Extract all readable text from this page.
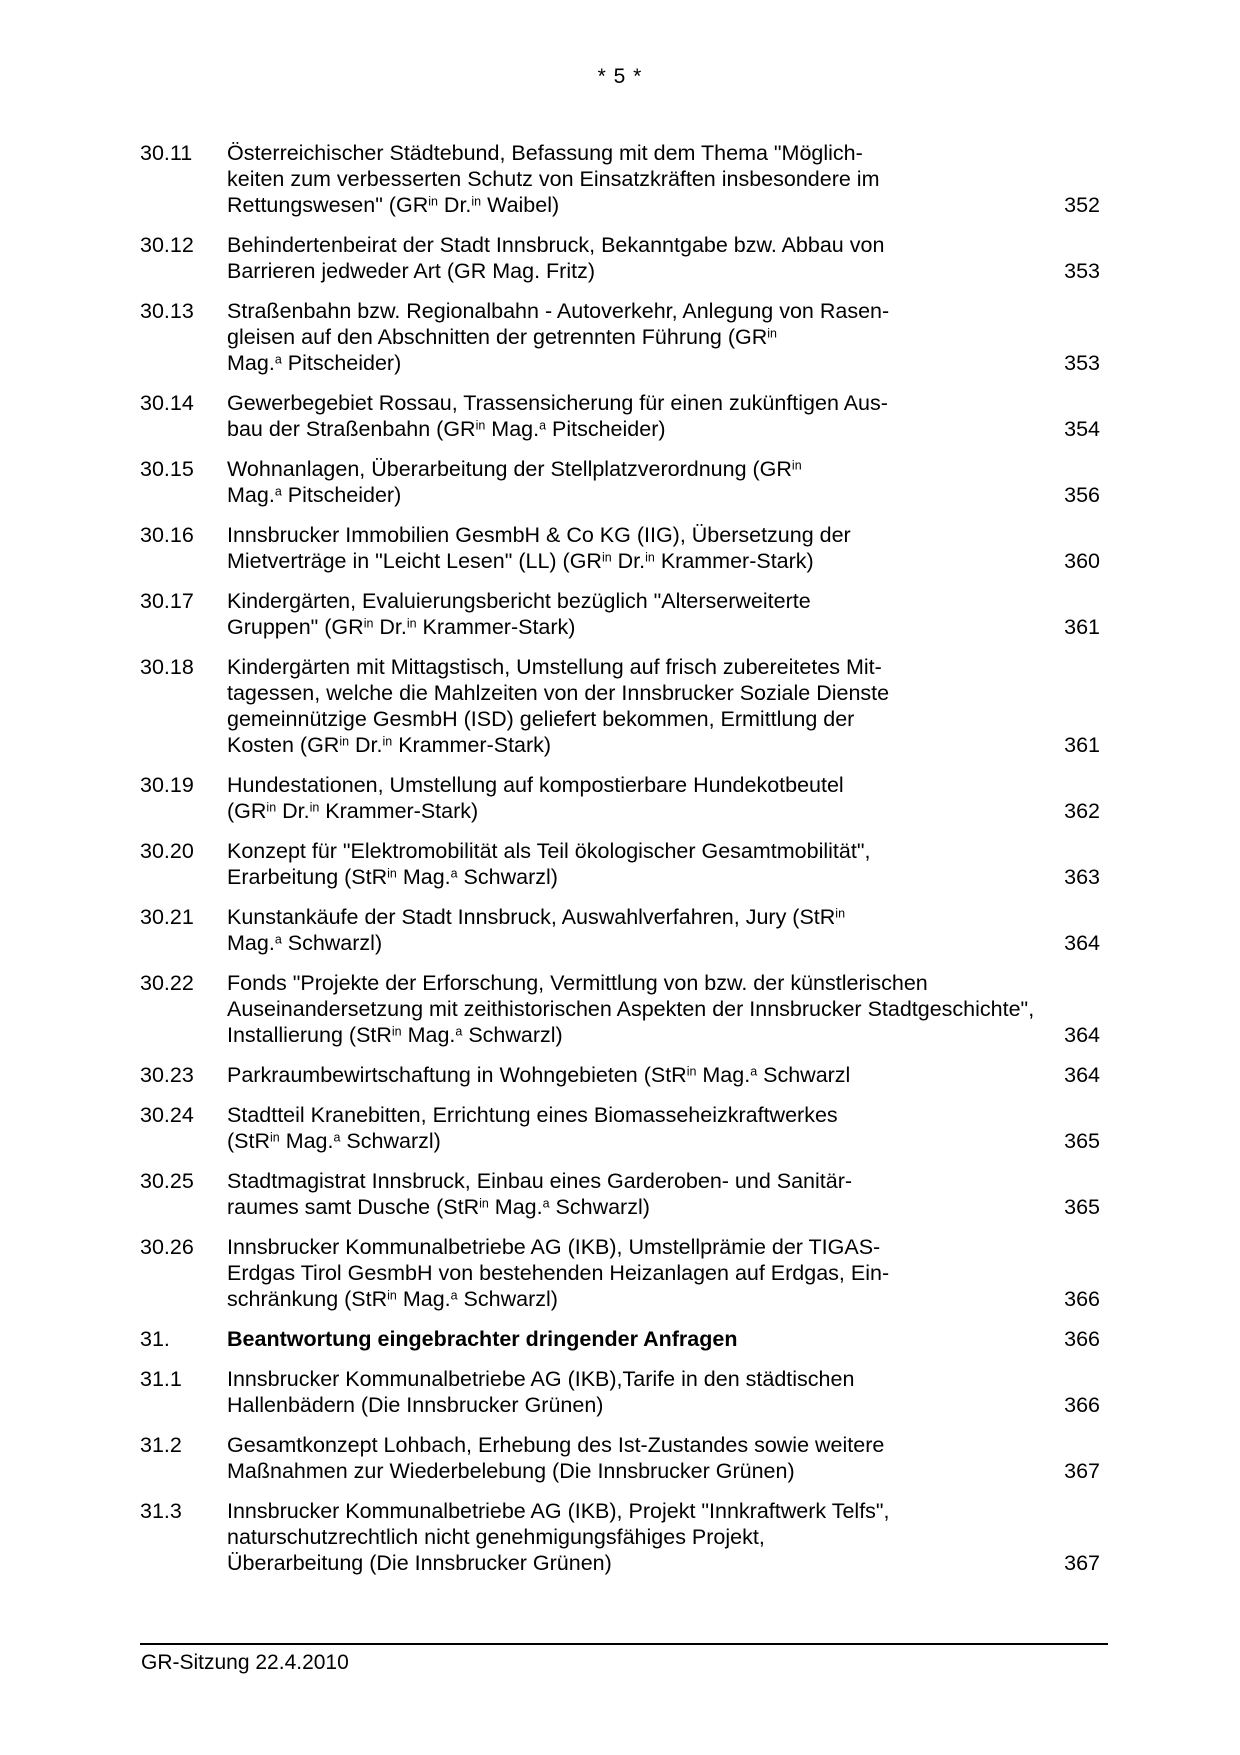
* 5 *
30.11 Österreichischer Städtebund, Befassung mit dem Thema "Möglich-
keiten zum verbesserten Schutz von Einsatzkräften insbesondere im
Rettungswesen" ($GR^{in}$ Dr.$^{in}$ Waibel)	352
30.12 Behindertenbeirat der Stadt Innsbruck, Bekanntgabe bzw. Abbau von
Barrieren jedweder Art (GR Mag. Fritz)	353
30.13 Straßenbahn bzw. Regionalbahn - Autoverkehr, Anlegung von Rasen-
gleisen auf den Abschnitten der getrennten Führung ($GR^{in}$
Mag.$^a$ Pitscheider)	353
30.14 Gewerbegebiet Rossau, Trassensicherung für einen zukünftigen Aus-
bau der Straßenbahn ($GR^{in}$ Mag.$^a$ Pitscheider)	354
30.15 Wohnanlagen, Überarbeitung der Stellplatzverordnung ($GR^{in}$
Mag.$^a$ Pitscheider)	356
30.16 Innsbrucker Immobilien GesmbH & Co KG (IIG), Übersetzung der
Mietverträge in "Leicht Lesen" (LL) ($GR^{in}$ Dr.$^{in}$ Krammer-Stark)	360
30.17 Kindergärten, Evaluierungsbericht bezüglich "Alterserweiterte
Gruppen" ($GR^{in}$ Dr.$^{in}$ Krammer-Stark)	361
30.18 Kindergärten mit Mittagstisch, Umstellung auf frisch zubereitetes Mit-
tagessen, welche die Mahlzeiten von der Innsbrucker Soziale Dienste
gemeinnützige GesmbH (ISD) geliefert bekommen, Ermittlung der
Kosten ($GR^{in}$ Dr.$^{in}$ Krammer-Stark)	361
30.19 Hundestationen, Umstellung auf kompostierbare Hundekotbeutel
($GR^{in}$ Dr.$^{in}$ Krammer-Stark)	362
30.20 Konzept für "Elektromobilität als Teil ökologischer Gesamtmobilität",
Erarbeitung (StR$^{in}$ Mag.$^a$ Schwarzl)	363
30.21 Kunstankäufe der Stadt Innsbruck, Auswahlverfahren, Jury (StR$^{in}$
Mag.$^a$ Schwarzl)	364
30.22 Fonds "Projekte der Erforschung, Vermittlung von bzw. der künstlerischen
Auseinandersetzung mit zeithistorischen Aspekten der Innsbrucker Stadtgeschichte",
Installierung (StR$^{in}$ Mag.$^a$ Schwarzl)	364
30.23 Parkraumbewirtschaftung in Wohngebieten (StR$^{in}$ Mag.$^a$ Schwarzl	364
30.24 Stadtteil Kranebitten, Errichtung eines Biomasseheizkraftwerkes
(StR$^{in}$ Mag.$^a$ Schwarzl)	365
30.25 Stadtmagistrat Innsbruck, Einbau eines Garderoben- und Sanitär-
raumes samt Dusche (StR$^{in}$ Mag.$^a$ Schwarzl)	365
30.26 Innsbrucker Kommunalbetriebe AG (IKB), Umstellprämie der TIGAS-
Erdgas Tirol GesmbH von bestehenden Heizanlagen auf Erdgas, Ein-
schränkung (StR$^{in}$ Mag.$^a$ Schwarzl)	366
31.	Beantwortung eingebrachter dringender Anfragen	366
31.1 Innsbrucker Kommunalbetriebe AG (IKB),Tarife in den städtischen
Hallenbädern (Die Innsbrucker Grünen)	366
31.2 Gesamtkonzept Lohbach, Erhebung des Ist-Zustandes sowie weitere
Maßnahmen zur Wiederbelebung (Die Innsbrucker Grünen)	367
31.3 Innsbrucker Kommunalbetriebe AG (IKB), Projekt "Innkraftwerk Telfs",
naturschutzrechtlich nicht genehmigungsfähiges Projekt,
Überarbeitung (Die Innsbrucker Grünen)	367
GR-Sitzung 22.4.2010
